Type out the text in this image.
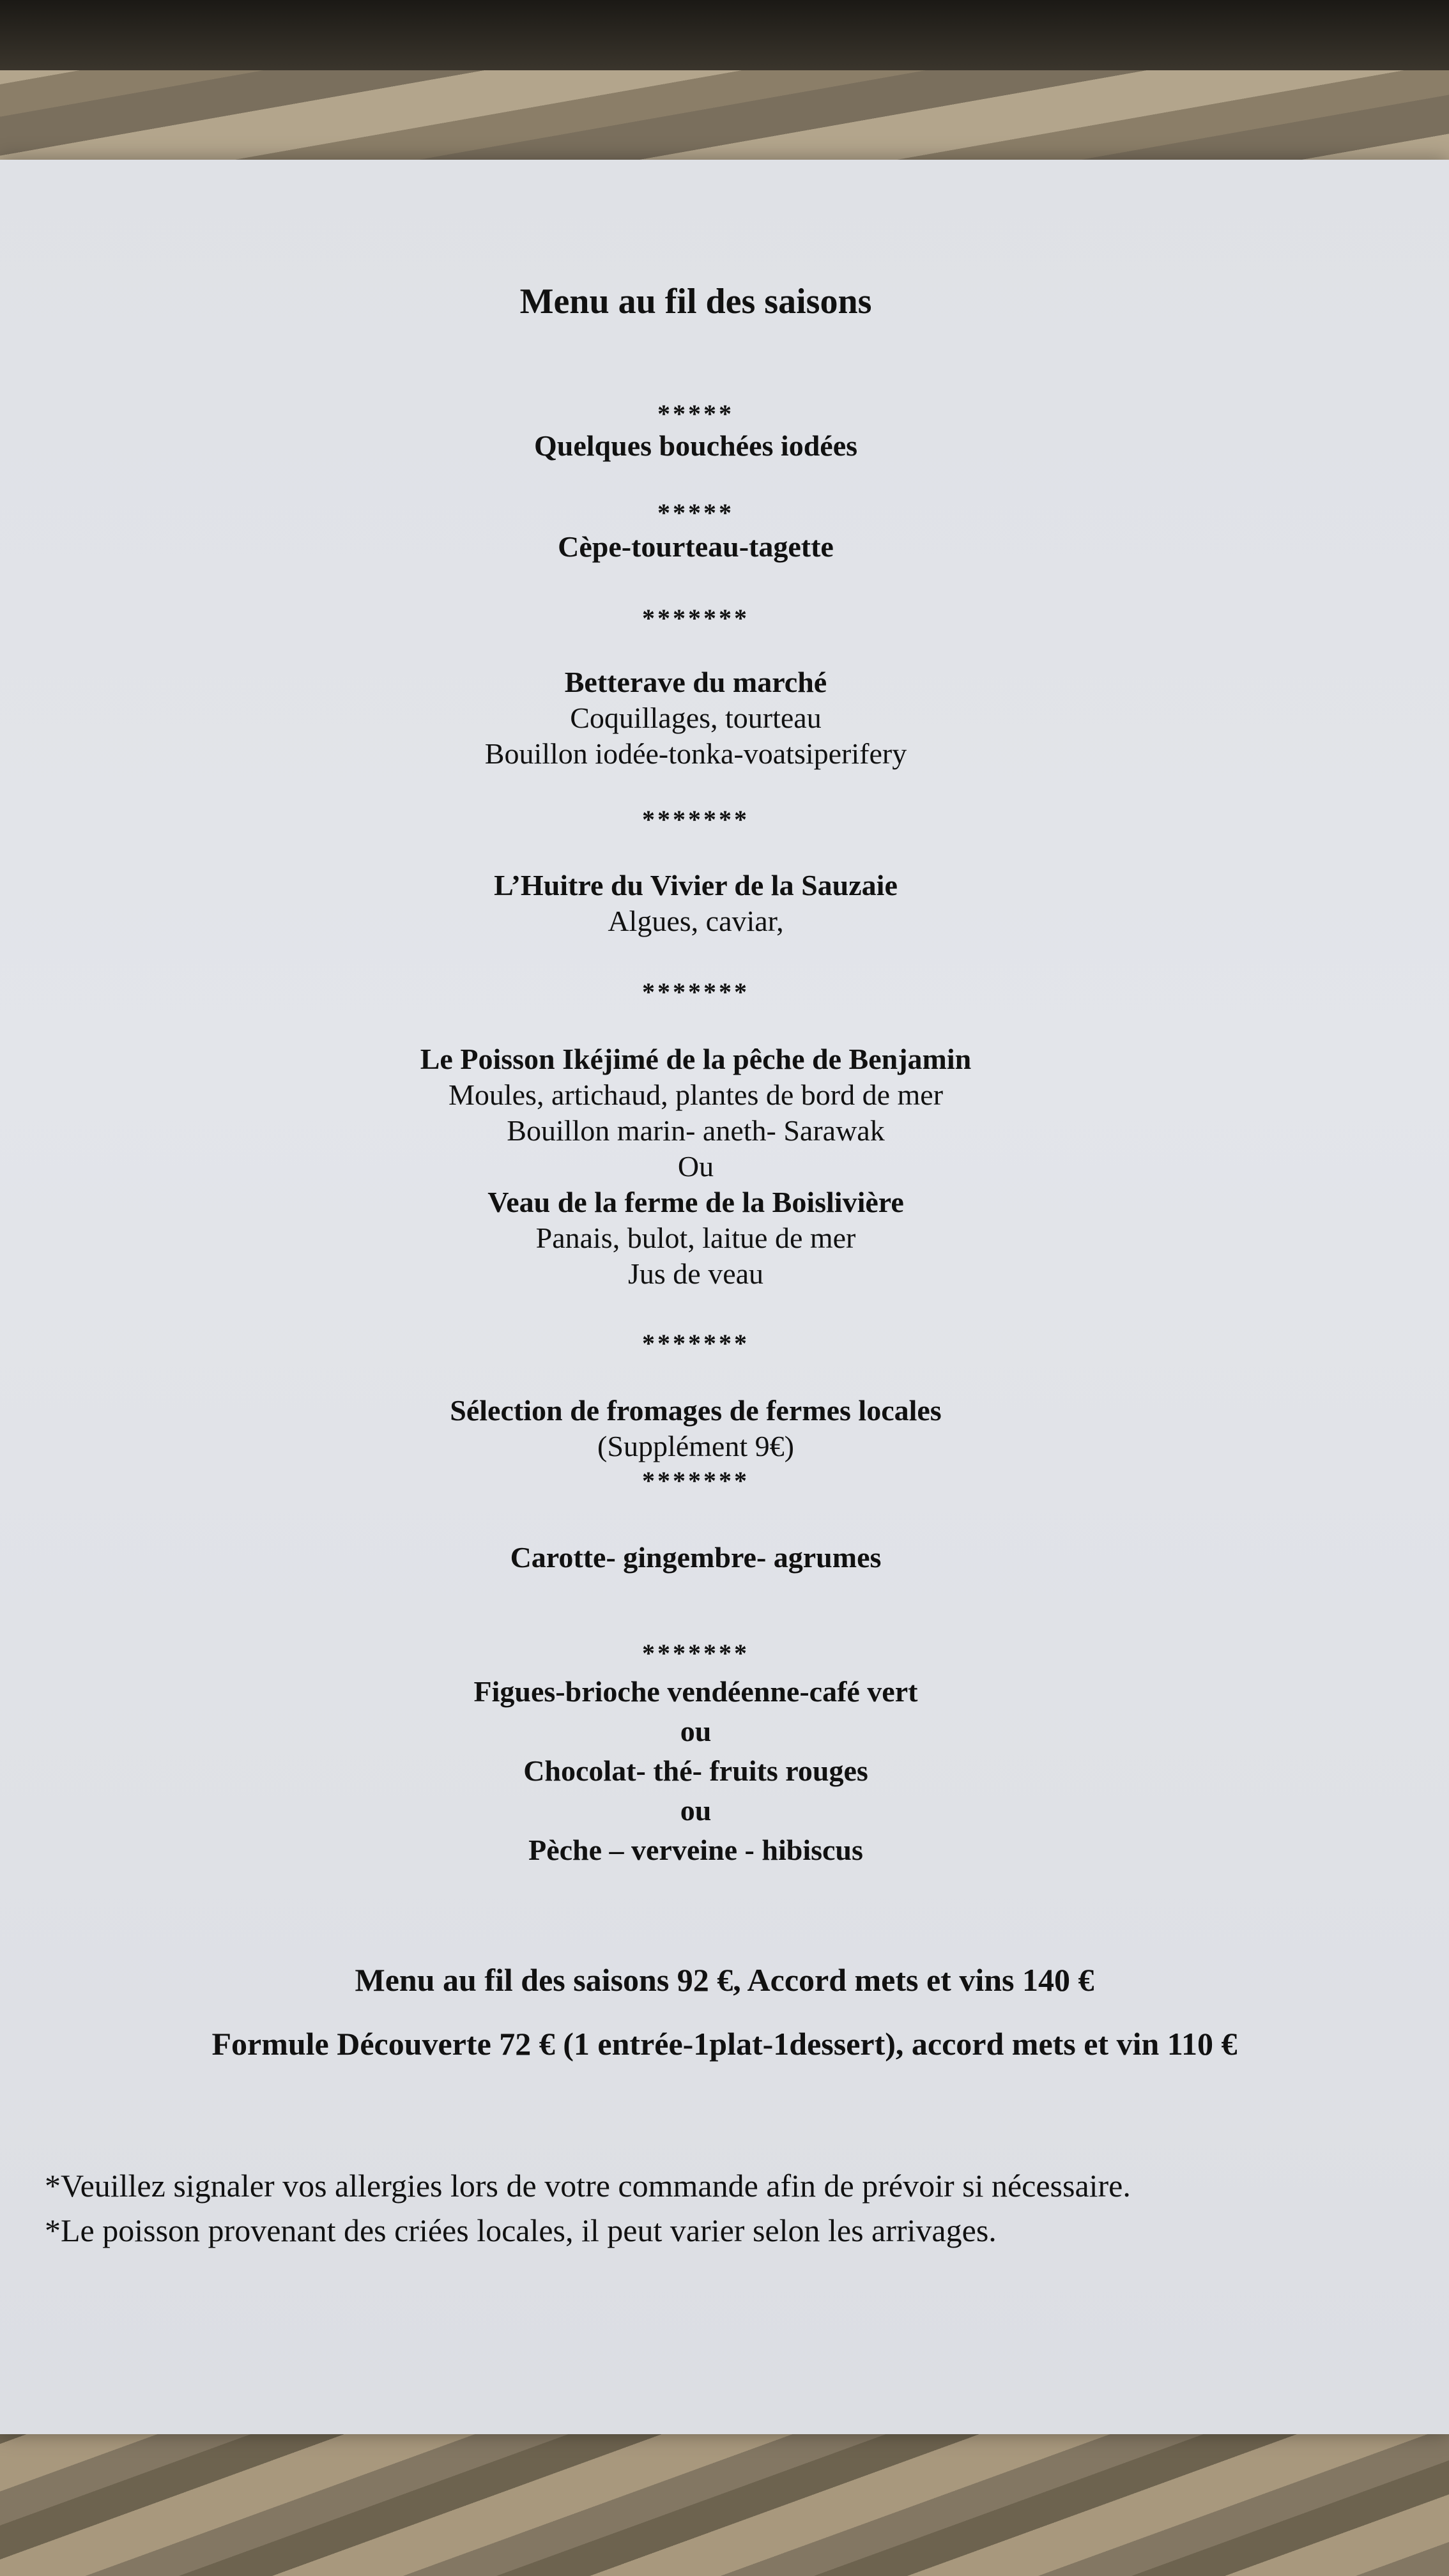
Menu au fil des saisons
*****
Quelques bouchées iodées
*****
Cèpe-tourteau-tagette
*******
Betterave du marché
Coquillages, tourteau
Bouillon iodée-tonka-voatsiperifery
*******
L’Huitre du Vivier de la Sauzaie
Algues, caviar,
*******
Le Poisson Ikéjimé de la pêche de Benjamin
Moules, artichaud, plantes de bord de mer
Bouillon marin- aneth- Sarawak
Ou
Veau de la ferme de la Boislivière
Panais, bulot, laitue de mer
Jus de veau
*******
Sélection de fromages de fermes locales
(Supplément 9€)
*******
Carotte- gingembre- agrumes
*******
Figues-brioche vendéenne-café vert
ou
Chocolat- thé- fruits rouges
ou
Pèche – verveine - hibiscus
Menu au fil des saisons 92 €, Accord mets et vins 140 €
Formule Découverte 72 € (1 entrée-1plat-1dessert), accord mets et vin 110 €
*Veuillez signaler vos allergies lors de votre commande afin de prévoir si nécessaire.
*Le poisson provenant des criées locales, il peut varier selon les arrivages.
